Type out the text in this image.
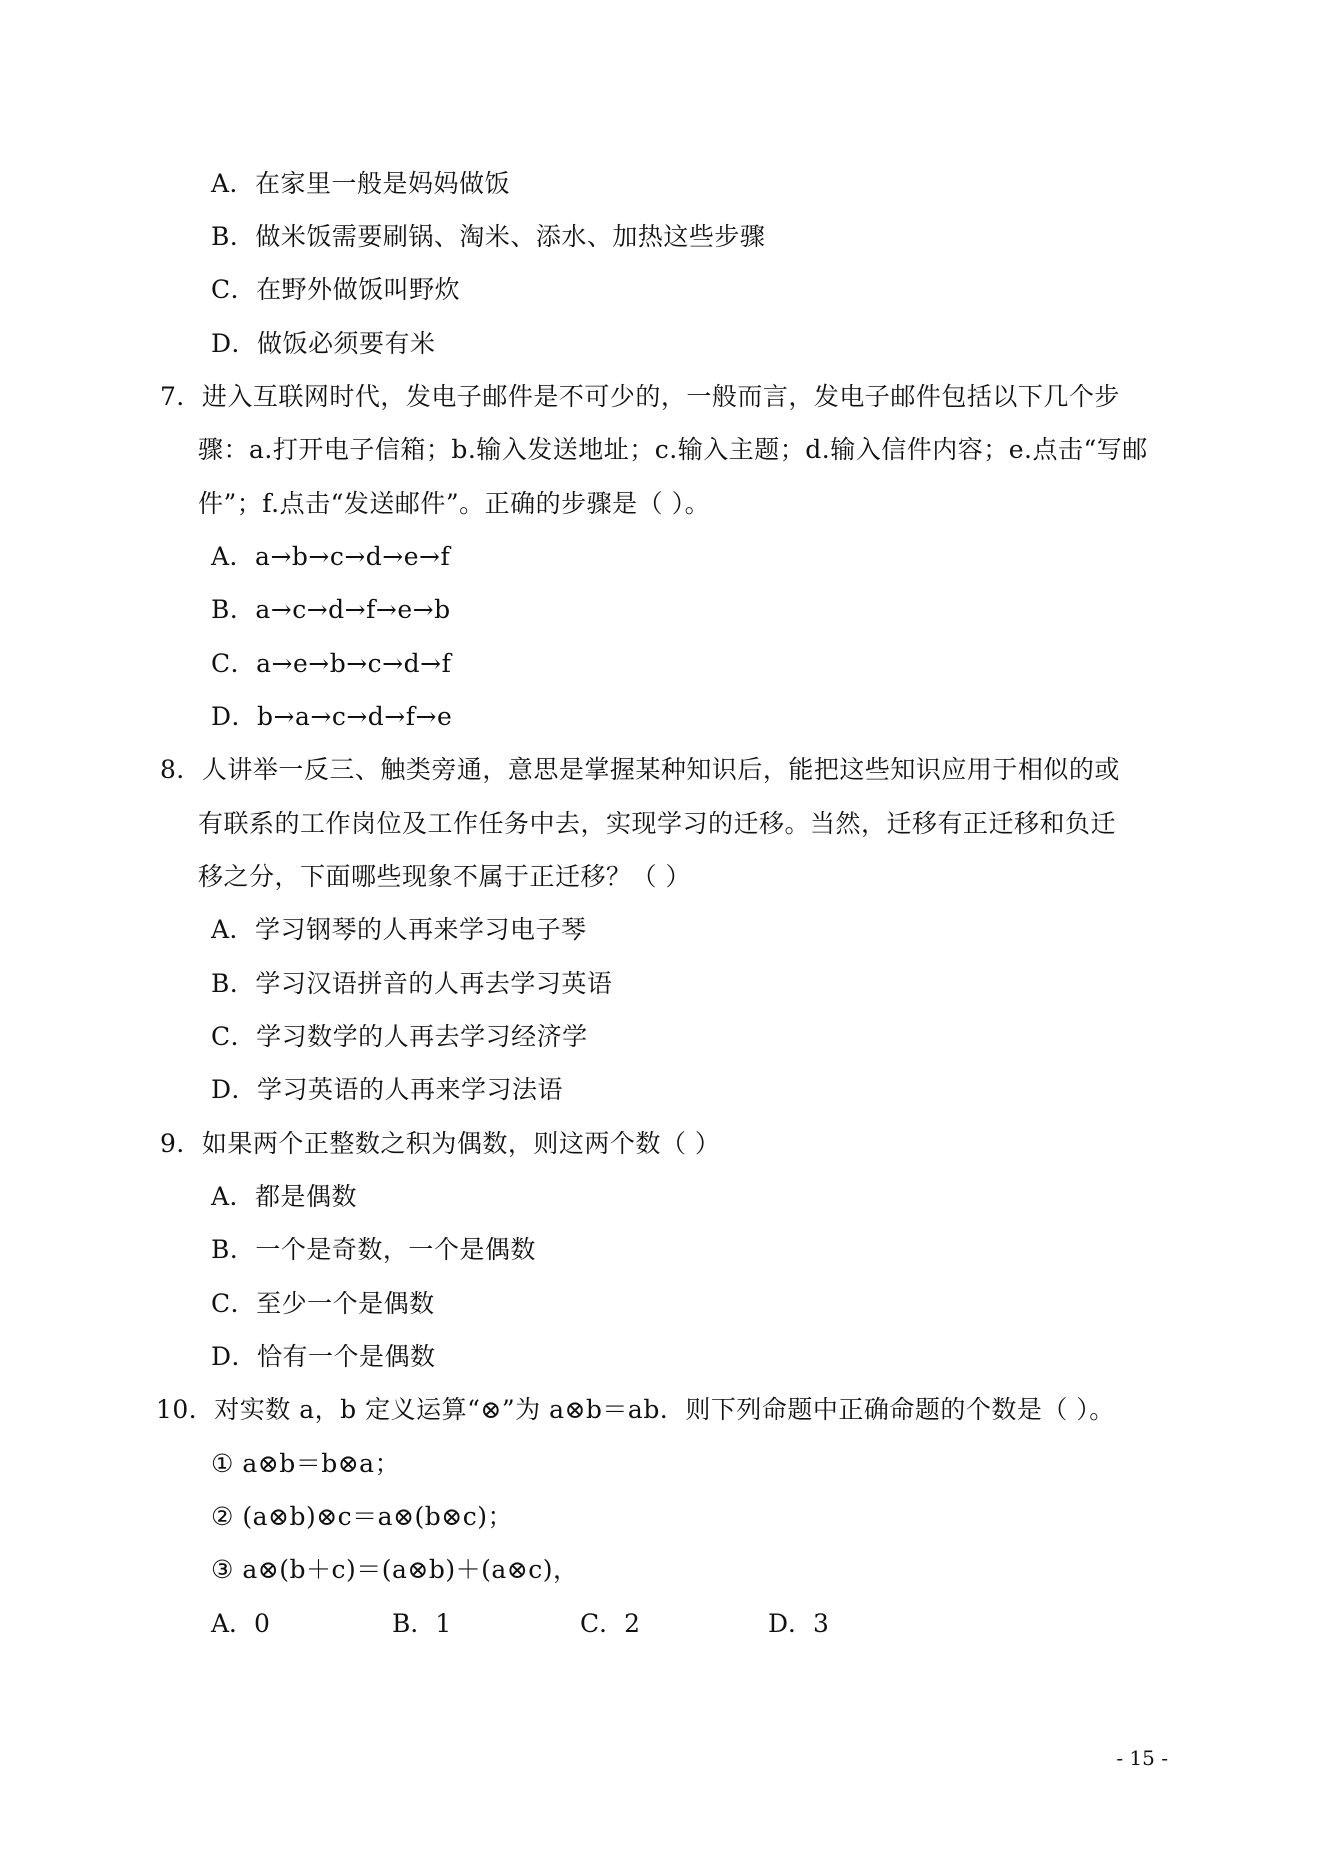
A．在家里一般是妈妈做饭
B．做米饭需要刷锅、淘米、添水、加热这些步骤
C．在野外做饭叫野炊
D．做饭必须要有米
7．进入互联网时代，发电子邮件是不可少的，一般而言，发电子邮件包括以下几个步
骤：a.打开电子信箱；b.输入发送地址；c.输入主题；d.输入信件内容；e.点击“写邮
件”；f.点击“发送邮件”。正确的步骤是（ ）。
A．a→b→c→d→e→f
B．a→c→d→f→e→b
C．a→e→b→c→d→f
D．b→a→c→d→f→e
8．人讲举一反三、触类旁通，意思是掌握某种知识后，能把这些知识应用于相似的或
有联系的工作岗位及工作任务中去，实现学习的迁移。当然，迁移有正迁移和负迁
移之分，下面哪些现象不属于正迁移？（ ）
A．学习钢琴的人再来学习电子琴
B．学习汉语拼音的人再去学习英语
C．学习数学的人再去学习经济学
D．学习英语的人再来学习法语
9．如果两个正整数之积为偶数，则这两个数（ ）
A．都是偶数
B．一个是奇数，一个是偶数
C．至少一个是偶数
D．恰有一个是偶数
10．对实数 a，b 定义运算“⊗”为 a⊗b＝ab．则下列命题中正确命题的个数是（ ）。
① a⊗b＝b⊗a；
② (a⊗b)⊗c＝a⊗(b⊗c)；
③ a⊗(b＋c)＝(a⊗b)＋(a⊗c)，
A．0	B．1	C．2	D．3
- 15 -
